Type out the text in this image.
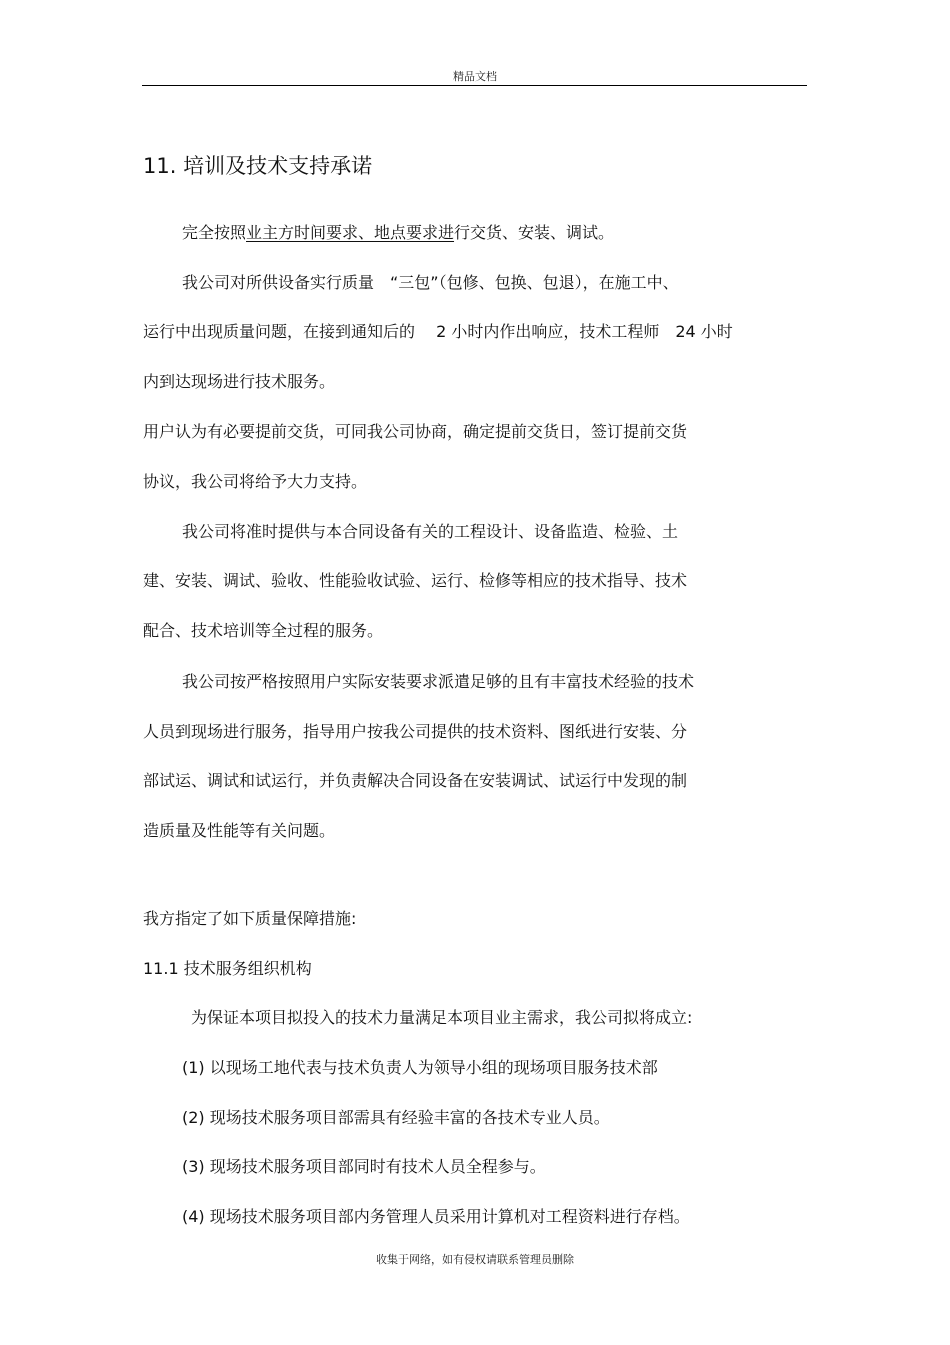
精品文档
11. 培训及技术支持承诺
完全按照业主方时间要求、地点要求进行交货、安装、调试。
我公司对所供设备实行质量　“三包”（包修、包换、包退），在施工中、
运行中出现质量问题，在接到通知后的　 2 小时内作出响应，技术工程师　24 小时
内到达现场进行技术服务。
用户认为有必要提前交货，可同我公司协商，确定提前交货日，签订提前交货
协议，我公司将给予大力支持。
我公司将准时提供与本合同设备有关的工程设计、设备监造、检验、土
建、安装、调试、验收、性能验收试验、运行、检修等相应的技术指导、技术
配合、技术培训等全过程的服务。
我公司按严格按照用户实际安装要求派遣足够的且有丰富技术经验的技术
人员到现场进行服务，指导用户按我公司提供的技术资料、图纸进行安装、分
部试运、调试和试运行，并负责解决合同设备在安装调试、试运行中发现的制
造质量及性能等有关问题。
我方指定了如下质量保障措施:
11.1 技术服务组织机构
为保证本项目拟投入的技术力量满足本项目业主需求，我公司拟将成立:
(1) 以现场工地代表与技术负责人为领导小组的现场项目服务技术部
(2) 现场技术服务项目部需具有经验丰富的各技术专业人员。
(3) 现场技术服务项目部同时有技术人员全程参与。
(4) 现场技术服务项目部内务管理人员采用计算机对工程资料进行存档。
收集于网络，如有侵权请联系管理员删除
